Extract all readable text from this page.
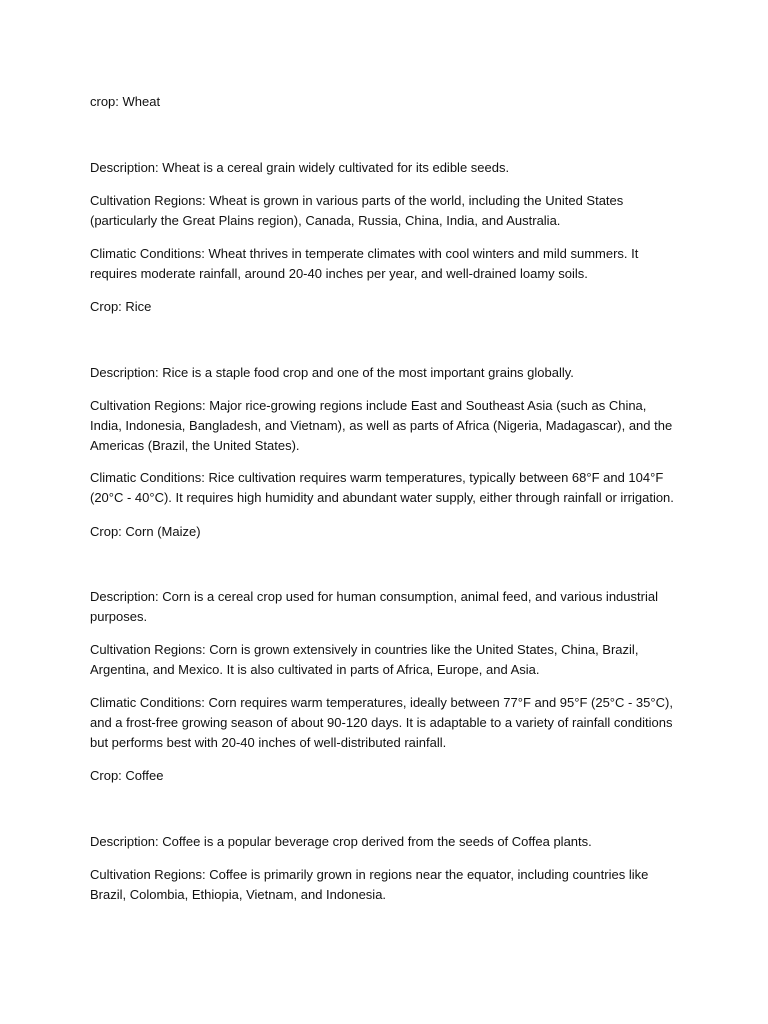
crop: Wheat

Description: Wheat is a cereal grain widely cultivated for its edible seeds.

Cultivation Regions: Wheat is grown in various parts of the world, including the United States (particularly the Great Plains region), Canada, Russia, China, India, and Australia.

Climatic Conditions: Wheat thrives in temperate climates with cool winters and mild summers. It requires moderate rainfall, around 20-40 inches per year, and well-drained loamy soils.

Crop: Rice

Description: Rice is a staple food crop and one of the most important grains globally.

Cultivation Regions: Major rice-growing regions include East and Southeast Asia (such as China, India, Indonesia, Bangladesh, and Vietnam), as well as parts of Africa (Nigeria, Madagascar), and the Americas (Brazil, the United States).

Climatic Conditions: Rice cultivation requires warm temperatures, typically between 68°F and 104°F (20°C - 40°C). It requires high humidity and abundant water supply, either through rainfall or irrigation.

Crop: Corn (Maize)

Description: Corn is a cereal crop used for human consumption, animal feed, and various industrial purposes.

Cultivation Regions: Corn is grown extensively in countries like the United States, China, Brazil, Argentina, and Mexico. It is also cultivated in parts of Africa, Europe, and Asia.

Climatic Conditions: Corn requires warm temperatures, ideally between 77°F and 95°F (25°C - 35°C), and a frost-free growing season of about 90-120 days. It is adaptable to a variety of rainfall conditions but performs best with 20-40 inches of well-distributed rainfall.

Crop: Coffee

Description: Coffee is a popular beverage crop derived from the seeds of Coffea plants.

Cultivation Regions: Coffee is primarily grown in regions near the equator, including countries like Brazil, Colombia, Ethiopia, Vietnam, and Indonesia.
